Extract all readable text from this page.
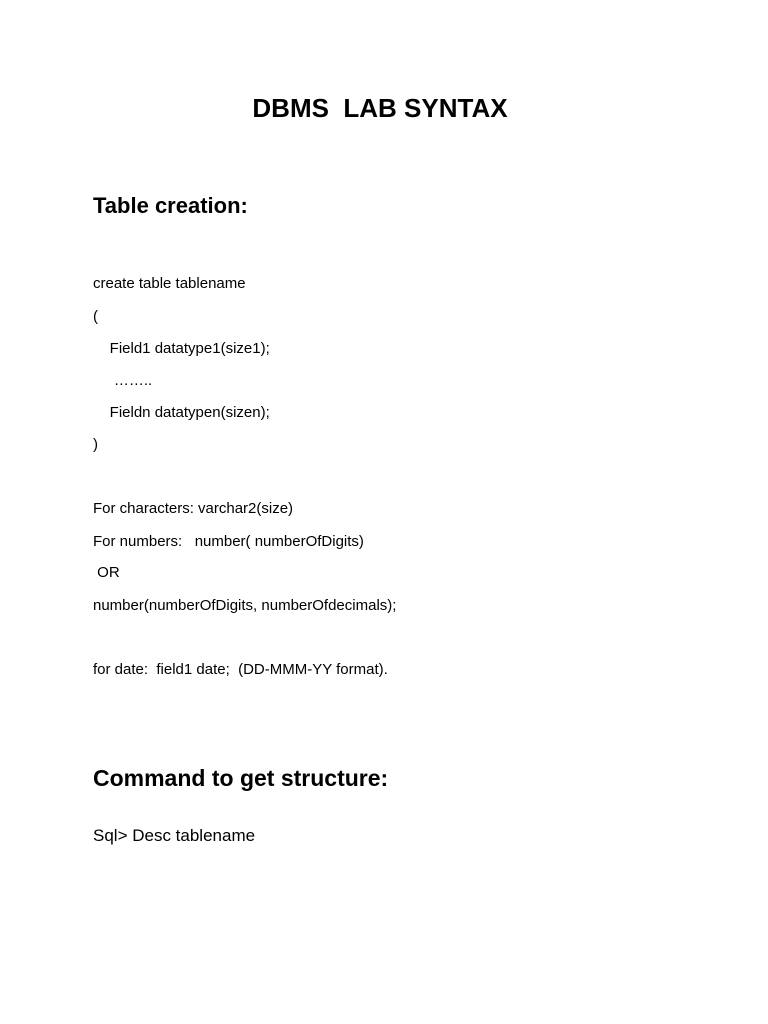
DBMS  LAB SYNTAX
Table creation:
create table tablename
(
Field1 datatype1(size1);
……..
Fieldn datatypen(sizen);
)
For characters: varchar2(size)
For numbers:   number( numberOfDigits)
OR
number(numberOfDigits, numberOfdecimals);
for date:  field1 date;  (DD-MMM-YY format).
Command to get structure:
Sql> Desc tablename
